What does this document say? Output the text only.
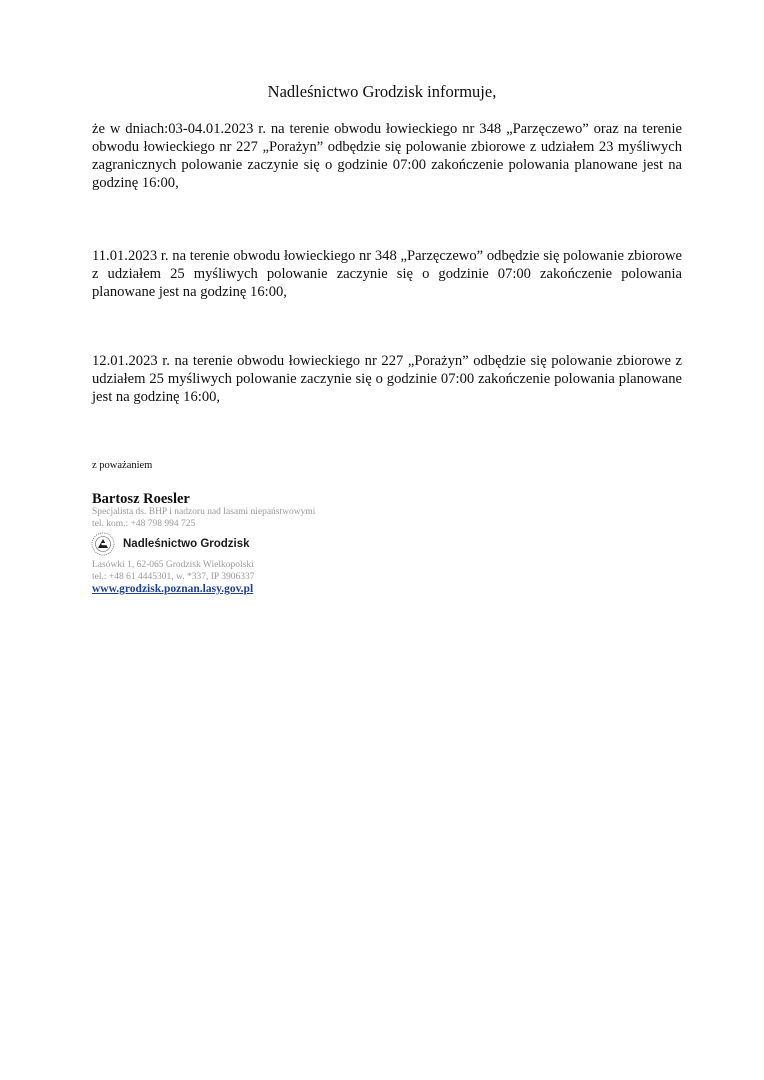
Nadleśnictwo Grodzisk informuje,
że w dniach:03-04.01.2023 r. na terenie obwodu łowieckiego nr 348 „Parzęczewo” oraz na terenie obwodu łowieckiego nr 227 „Porażyn” odbędzie się polowanie zbiorowe z udziałem 23 myśliwych zagranicznych polowanie zaczynie się o godzinie 07:00 zakończenie polowania planowane jest na godzinę 16:00,
11.01.2023 r. na terenie obwodu łowieckiego nr 348 „Parzęczewo” odbędzie się polowanie zbiorowe z udziałem 25 myśliwych polowanie zaczynie się o godzinie 07:00 zakończenie polowania planowane jest na godzinę 16:00,
12.01.2023 r. na terenie obwodu łowieckiego nr 227 „Porażyn” odbędzie się polowanie zbiorowe z udziałem 25 myśliwych polowanie zaczynie się o godzinie 07:00 zakończenie polowania planowane jest na godzinę 16:00,
z poważaniem
Bartosz Roesler
Specjalista ds. BHP i nadzoru nad lasami niepaństwowymi
tel. kom.: +48 798 994 725
Nadleśnictwo Grodzisk
Lasówki 1, 62-065 Grodzisk Wielkopolski
tel.: +48 61 4445301, w. *337, IP 3906337
www.grodzisk.poznan.lasy.gov.pl
